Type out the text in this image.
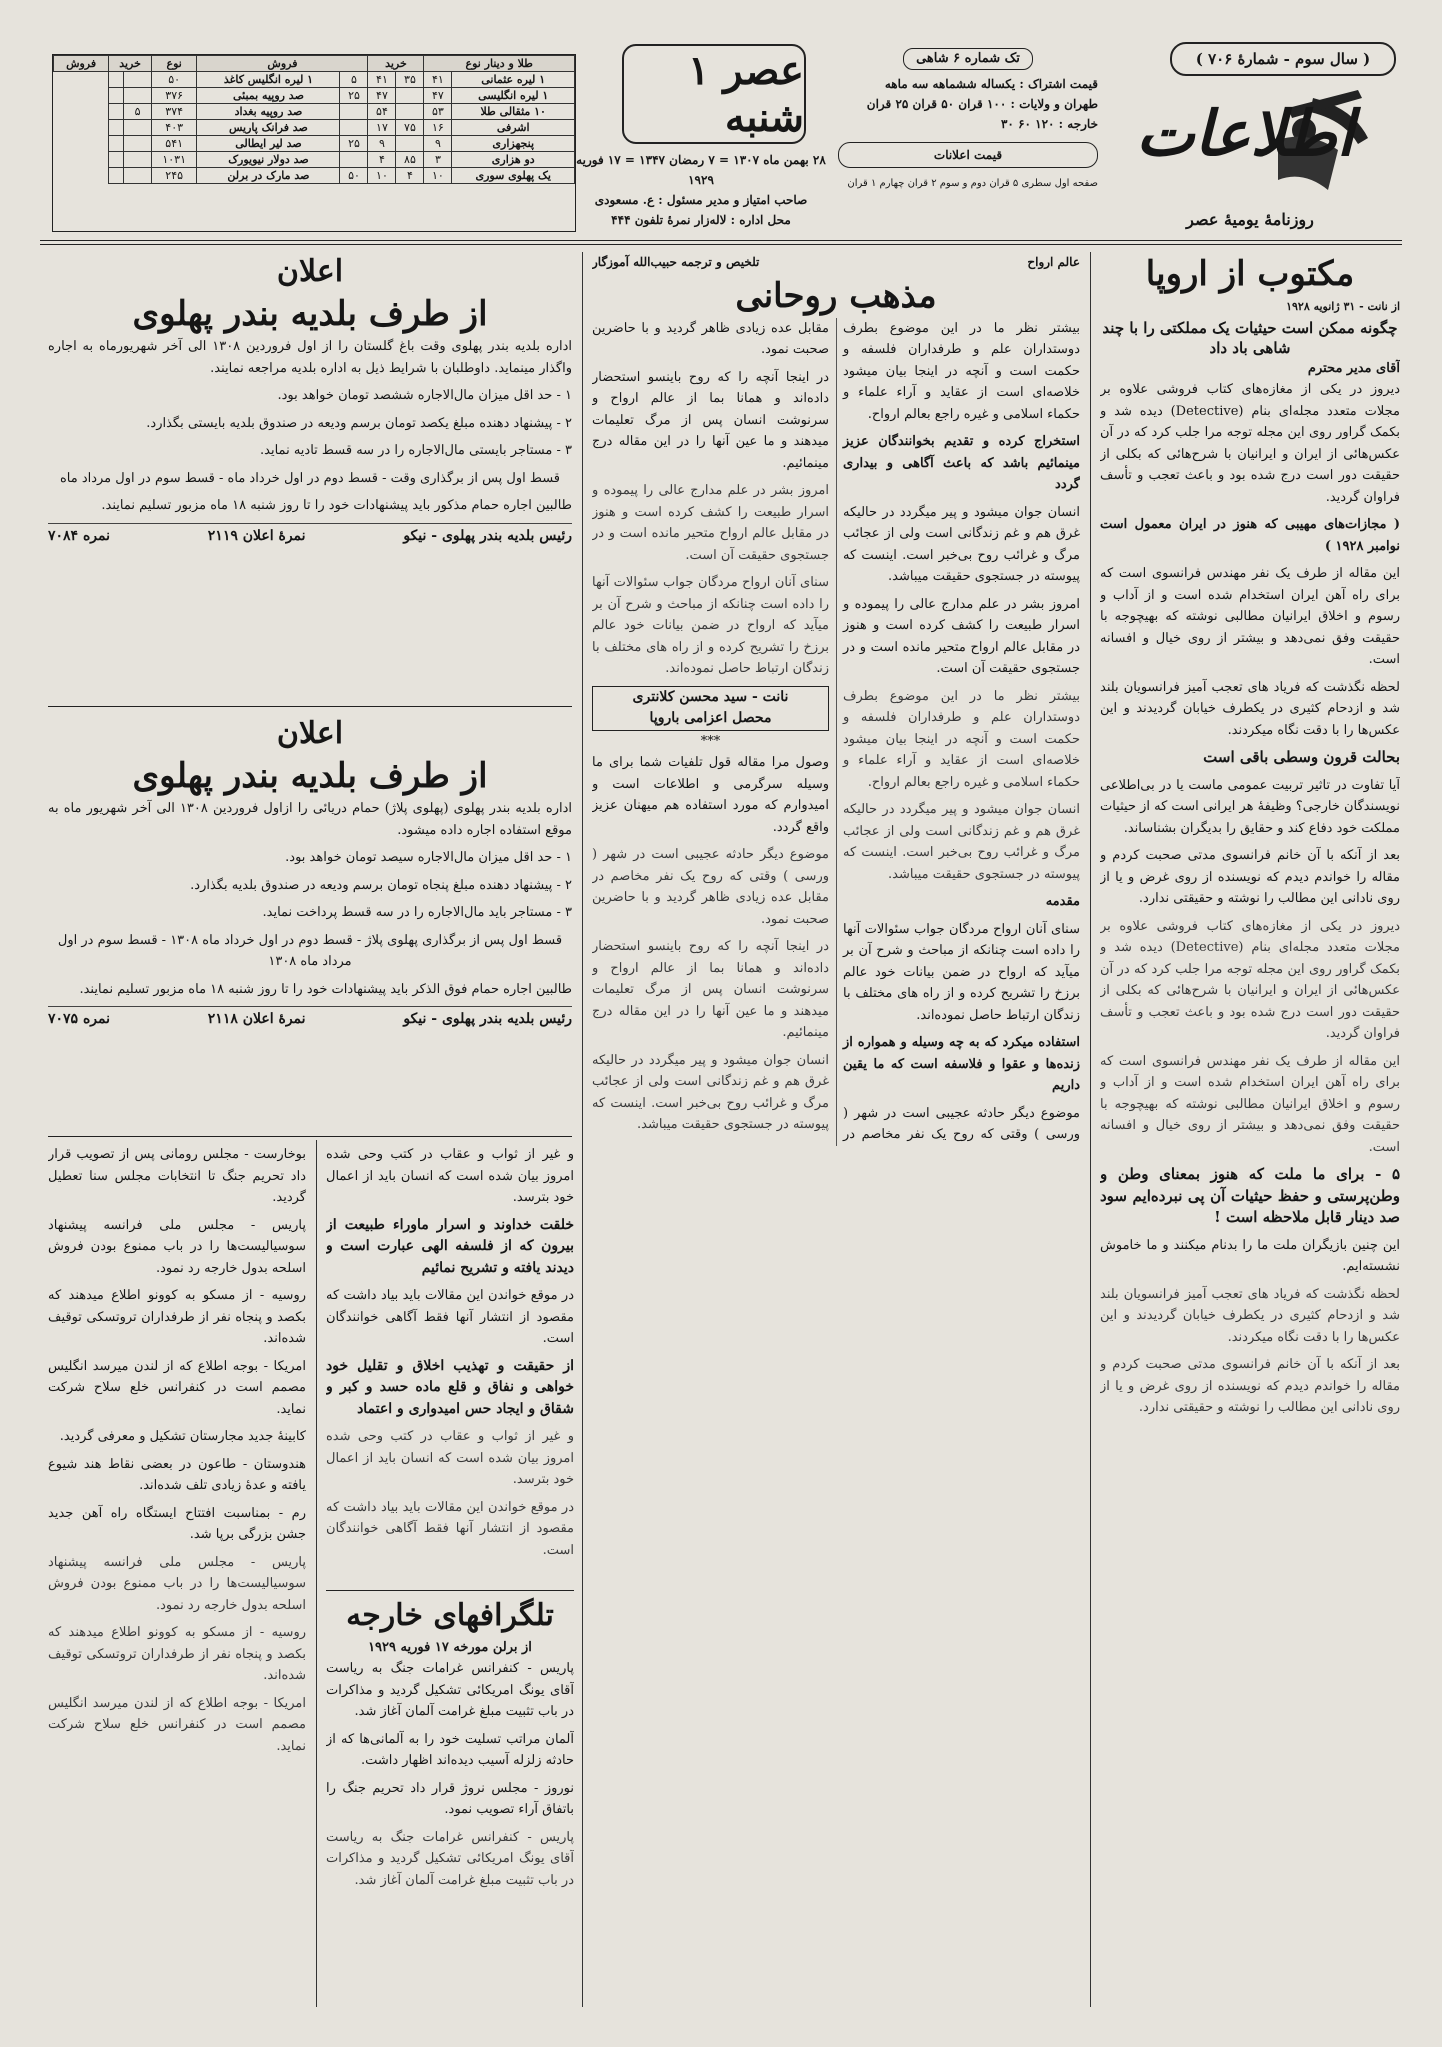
( سال سوم - شمارهٔ ۷۰۶ )
اطلاعات
روزنامهٔ یومیهٔ عصر
تک شماره ۶ شاهی
قیمت اشتراک : یکساله ششماهه سه ماهه
طهران و ولایات : ۱۰۰ قران ۵۰ قران ۲۵ قران
خارجه : ۱۲۰ ۶۰ ۳۰
قیمت اعلانات
صفحه اول سطری ۵ قران دوم و سوم ۲ قران چهارم ۱ قران
عصر ۱ شنبه
۲۸ بهمن ماه ۱۳۰۷ = ۷ رمضان ۱۳۴۷ = ۱۷ فوریه ۱۹۲۹
صاحب امتیاز و مدیر مسئول : ع. مسعودی
محل اداره : لاله‌زار نمرهٔ تلفون ۴۴۴
طلا و دینار نوع		خرید		فروش		نوع	خرید		فروش
۱ لیره عثمانی	۴۱	۳۵	۴۱	۵	۱ لیره انگلیس کاغذ	۵۰			
۱ لیره انگلیسی	۴۷		۴۷	۲۵	صد روپیه بمبئی	۳۷۶			
۱۰ مثقالی طلا	۵۳		۵۴		صد روپیه بغداد	۳۷۴	۵		
اشرفی	۱۶	۷۵	۱۷		صد فرانک پاریس	۴۰۳			
پنجهزاری	۹		۹	۲۵	صد لیر ایطالی	۵۴۱			
دو هزاری	۳	۸۵	۴		صد دولار نیویورک	۱۰۳۱			
یک پهلوی سوری	۱۰	۴	۱۰	۵۰	صد مارک در برلن	۲۴۵			
مکتوب از اروپا
از نانت - ۳۱ ژانویه ۱۹۲۸
چگونه ممکن است حیثیات یک مملکتی را با چند شاهی باد داد
آقای مدیر محترم

دیروز در یکی از مغازه‌های کتاب فروشی علاوه بر مجلات متعدد مجله‌ای بنام (Detective) دیده شد و بکمک گراور روی این مجله توجه مرا جلب کرد که در آن عکس‌هائی از ایران و ایرانیان با شرح‌هائی که بکلی از حقیقت دور است درج شده بود و باعث تعجب و تأسف فراوان گردید.

( مجازات‌های مهیبی که هنوز در ایران معمول است نوامبر ۱۹۲۸ )

این مقاله از طرف یک نفر مهندس فرانسوی است که برای راه آهن ایران استخدام شده است و از آداب و رسوم و اخلاق ایرانیان مطالبی نوشته که بهیچوجه با حقیقت وفق نمی‌دهد و بیشتر از روی خیال و افسانه است.

لحظه نگذشت که فریاد های تعجب آمیز فرانسویان بلند شد و ازدحام کثیری در یکطرف خیابان گردیدند و این عکس‌ها را با دقت نگاه میکردند.

بحالت قرون وسطی باقی است

آیا تفاوت در تاثیر تربیت عمومی ماست یا در بی‌اطلاعی نویسندگان خارجی؟ وظیفهٔ هر ایرانی است که از حیثیات مملکت خود دفاع کند و حقایق را بدیگران بشناساند.

بعد از آنکه با آن خانم فرانسوی مدتی صحبت کردم و مقاله را خواندم دیدم که نویسنده از روی غرض و یا از روی نادانی این مطالب را نوشته و حقیقتی ندارد.

دیروز در یکی از مغازه‌های کتاب فروشی علاوه بر مجلات متعدد مجله‌ای بنام (Detective) دیده شد و بکمک گراور روی این مجله توجه مرا جلب کرد که در آن عکس‌هائی از ایران و ایرانیان با شرح‌هائی که بکلی از حقیقت دور است درج شده بود و باعث تعجب و تأسف فراوان گردید.

این مقاله از طرف یک نفر مهندس فرانسوی است که برای راه آهن ایران استخدام شده است و از آداب و رسوم و اخلاق ایرانیان مطالبی نوشته که بهیچوجه با حقیقت وفق نمی‌دهد و بیشتر از روی خیال و افسانه است.

۵ - برای ما ملت که هنوز بمعنای وطن و وطن‌پرستی و حفظ حیثیات آن پی نبرده‌ایم سود صد دینار قابل ملاحظه است !

این چنین بازیگران ملت ما را بدنام میکنند و ما خاموش نشسته‌ایم.

لحظه نگذشت که فریاد های تعجب آمیز فرانسویان بلند شد و ازدحام کثیری در یکطرف خیابان گردیدند و این عکس‌ها را با دقت نگاه میکردند.

بعد از آنکه با آن خانم فرانسوی مدتی صحبت کردم و مقاله را خواندم دیدم که نویسنده از روی غرض و یا از روی نادانی این مطالب را نوشته و حقیقتی ندارد.

عالم ارواح
تلخیص و ترجمه حبیب‌الله آموزگار
مذهب روحانی

بیشتر نظر ما در این موضوع بطرف دوستداران علم و طرفداران فلسفه و حکمت است و آنچه در اینجا بیان میشود خلاصه‌ای است از عقاید و آراء علماء و حکماء اسلامی و غیره راجع بعالم ارواح.

استخراج کرده و تقدیم بخوانندگان عزیز مینمائیم باشد که باعث آگاهی و بیداری گردد

انسان جوان میشود و پیر میگردد در حالیکه غرق هم و غم زندگانی است ولی از عجائب مرگ و غرائب روح بی‌خبر است. اینست که پیوسته در جستجوی حقیقت میباشد.

امروز بشر در علم مدارج عالی را پیموده و اسرار طبیعت را کشف کرده است و هنوز در مقابل عالم ارواح متحیر مانده است و در جستجوی حقیقت آن است.

بیشتر نظر ما در این موضوع بطرف دوستداران علم و طرفداران فلسفه و حکمت است و آنچه در اینجا بیان میشود خلاصه‌ای است از عقاید و آراء علماء و حکماء اسلامی و غیره راجع بعالم ارواح.

انسان جوان میشود و پیر میگردد در حالیکه غرق هم و غم زندگانی است ولی از عجائب مرگ و غرائب روح بی‌خبر است. اینست که پیوسته در جستجوی حقیقت میباشد.

مقدمه

سنای آنان ارواح مردگان جواب سئوالات آنها را داده است چنانکه از مباحث و شرح آن بر میآید که ارواح در ضمن بیانات خود عالم برزخ را تشریح کرده و از راه های مختلف با زندگان ارتباط حاصل نموده‌اند.

استفاده میکرد که به چه وسیله و همواره از زنده‌ها و عقوا و فلاسفه است که ما یقین داریم

موضوع دیگر حادثه عجیبی است در شهر ( ورسی ) وقتی که روح یک نفر مخاصم در مقابل عده زیادی ظاهر گردید و با حاضرین صحبت نمود.

در اینجا آنچه را که روح باینسو استحضار داده‌اند و همانا بما از عالم ارواح و سرنوشت انسان پس از مرگ تعلیمات میدهند و ما عین آنها را در این مقاله درج مینمائیم.

امروز بشر در علم مدارج عالی را پیموده و اسرار طبیعت را کشف کرده است و هنوز در مقابل عالم ارواح متحیر مانده است و در جستجوی حقیقت آن است.

سنای آنان ارواح مردگان جواب سئوالات آنها را داده است چنانکه از مباحث و شرح آن بر میآید که ارواح در ضمن بیانات خود عالم برزخ را تشریح کرده و از راه های مختلف با زندگان ارتباط حاصل نموده‌اند.

نانت - سید محسن کلانتری
محصل اعزامی باروپا
***

وصول مرا مقاله قول تلفیات شما برای ما وسیله سرگرمی و اطلاعات است و امیدوارم که مورد استفاده هم میهنان عزیز واقع گردد.

موضوع دیگر حادثه عجیبی است در شهر ( ورسی ) وقتی که روح یک نفر مخاصم در مقابل عده زیادی ظاهر گردید و با حاضرین صحبت نمود.

در اینجا آنچه را که روح باینسو استحضار داده‌اند و همانا بما از عالم ارواح و سرنوشت انسان پس از مرگ تعلیمات میدهند و ما عین آنها را در این مقاله درج مینمائیم.

انسان جوان میشود و پیر میگردد در حالیکه غرق هم و غم زندگانی است ولی از عجائب مرگ و غرائب روح بی‌خبر است. اینست که پیوسته در جستجوی حقیقت میباشد.

اعلان
از طرف بلدیه بندر پهلوی

اداره بلدیه بندر پهلوی وقت باغ گلستان را از اول فروردین ۱۳۰۸ الی آخر شهریورماه به اجاره واگذار مینماید. داوطلبان با شرایط ذیل به اداره بلدیه مراجعه نمایند.

۱ - حد اقل میزان مال‌الاجاره ششصد تومان خواهد بود.

۲ - پیشنهاد دهنده مبلغ یکصد تومان برسم ودیعه در صندوق بلدیه بایستی بگذارد.

۳ - مستاجر بایستی مال‌الاجاره را در سه قسط تادیه نماید.

قسط اول پس از برگذاری وقت - قسط دوم در اول خرداد ماه - قسط سوم در اول مرداد ماه

طالبین اجاره حمام مذکور باید پیشنهادات خود را تا روز شنبه ۱۸ ماه مزبور تسلیم نمایند.

رئیس بلدیه بندر پهلوی - نیکو
نمرهٔ اعلان ۲۱۱۹
نمره ۷۰۸۴
اعلان
از طرف بلدیه بندر پهلوی

اداره بلدیه بندر پهلوی (پهلوی پلاژ) حمام دریائی را ازاول فروردین ۱۳۰۸ الی آخر شهریور ماه به موقع استفاده اجاره داده میشود.

۱ - حد اقل میزان مال‌الاجاره سیصد تومان خواهد بود.

۲ - پیشنهاد دهنده مبلغ پنجاه تومان برسم ودیعه در صندوق بلدیه بگذارد.

۳ - مستاجر باید مال‌الاجاره را در سه قسط پرداخت نماید.

قسط اول پس از برگذاری پهلوی پلاژ - قسط دوم در اول خرداد ماه ۱۳۰۸ - قسط سوم در اول مرداد ماه ۱۳۰۸

طالبین اجاره حمام فوق الذکر باید پیشنهادات خود را تا روز شنبه ۱۸ ماه مزبور تسلیم نمایند.

رئیس بلدیه بندر پهلوی - نیکو
نمرهٔ اعلان ۲۱۱۸
نمره ۷۰۷۵

و غیر از ثواب و عقاب در کتب وحی شده امروز بیان شده است که انسان باید از اعمال خود بترسد.

خلقت خداوند و اسرار ماوراء طبیعت از بیرون که از فلسفه الهی عبارت است و دیدند یافته و تشریح نمائیم

در موقع خواندن این مقالات باید بیاد داشت که مقصود از انتشار آنها فقط آگاهی خوانندگان است.

از حقیقت و تهذیب اخلاق و تقلیل خود خواهی و نفاق و قلع ماده حسد و کبر و شقاق و ایجاد حس امیدواری و اعتماد

و غیر از ثواب و عقاب در کتب وحی شده امروز بیان شده است که انسان باید از اعمال خود بترسد.

در موقع خواندن این مقالات باید بیاد داشت که مقصود از انتشار آنها فقط آگاهی خوانندگان است.

تلگرافهای خارجه
از برلن مورخه ۱۷ فوریه ۱۹۲۹

پاریس - کنفرانس غرامات جنگ به ریاست آقای یونگ امریکائی تشکیل گردید و مذاکرات در باب تثبیت مبلغ غرامت آلمان آغاز شد.

آلمان مراتب تسلیت خود را به آلمانی‌ها که از حادثه زلزله آسیب دیده‌اند اظهار داشت.

نوروز - مجلس نروژ قرار داد تحریم جنگ را باتفاق آراء تصویب نمود.

پاریس - کنفرانس غرامات جنگ به ریاست آقای یونگ امریکائی تشکیل گردید و مذاکرات در باب تثبیت مبلغ غرامت آلمان آغاز شد.

بوخارست - مجلس رومانی پس از تصویب قرار داد تحریم جنگ تا انتخابات مجلس سنا تعطیل گردید.

پاریس - مجلس ملی فرانسه پیشنهاد سوسیالیست‌ها را در باب ممنوع بودن فروش اسلحه بدول خارجه رد نمود.

روسیه - از مسکو به کوونو اطلاع میدهند که بکصد و پنجاه نفر از طرفداران تروتسکی توقیف شده‌اند.

امریکا - بوجه اطلاع که از لندن میرسد انگلیس مصمم است در کنفرانس خلع سلاح شرکت نماید.

کابینهٔ جدید مجارستان تشکیل و معرفی گردید.

هندوستان - طاعون در بعضی نقاط هند شیوع یافته و عدهٔ زیادی تلف شده‌اند.

رم - بمناسبت افتتاح ایستگاه راه آهن جدید جشن بزرگی برپا شد.

پاریس - مجلس ملی فرانسه پیشنهاد سوسیالیست‌ها را در باب ممنوع بودن فروش اسلحه بدول خارجه رد نمود.

روسیه - از مسکو به کوونو اطلاع میدهند که بکصد و پنجاه نفر از طرفداران تروتسکی توقیف شده‌اند.

امریکا - بوجه اطلاع که از لندن میرسد انگلیس مصمم است در کنفرانس خلع سلاح شرکت نماید.
